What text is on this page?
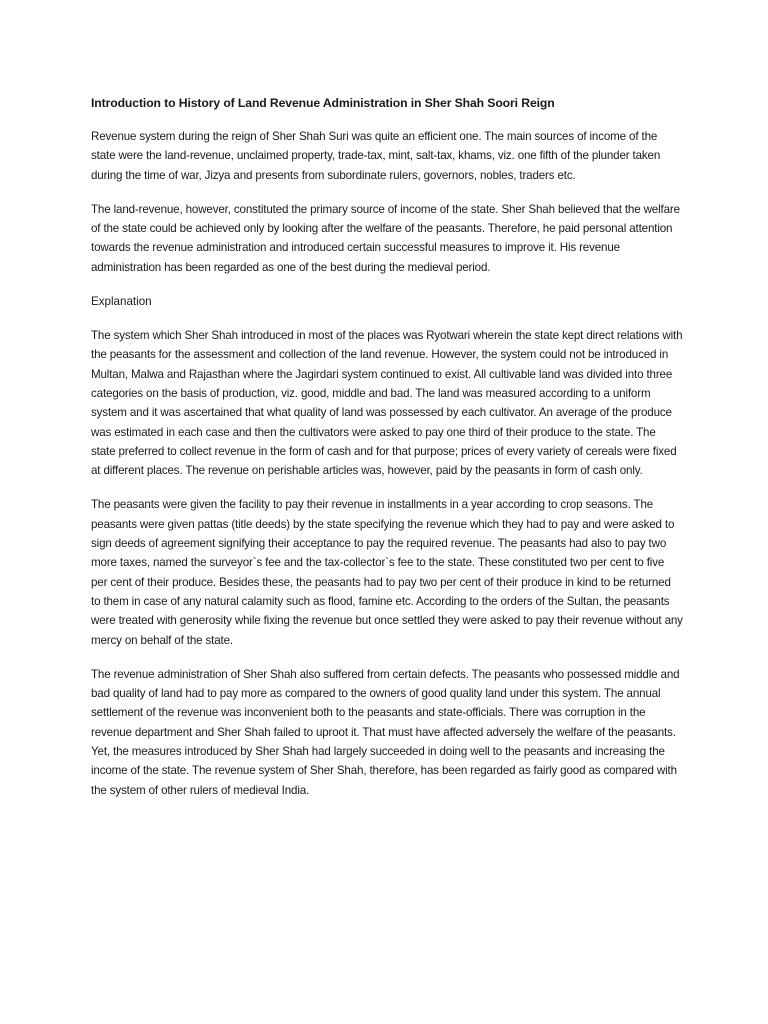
Introduction to History of Land Revenue Administration in Sher Shah Soori Reign

Revenue system during the reign of Sher Shah Suri was quite an efficient one. The main sources of income of the state were the land-revenue, unclaimed property, trade-tax, mint, salt-tax, khams, viz. one fifth of the plunder taken during the time of war, Jizya and presents from subordinate rulers, governors, nobles, traders etc.

The land-revenue, however, constituted the primary source of income of the state. Sher Shah believed that the welfare of the state could be achieved only by looking after the welfare of the peasants. Therefore, he paid personal attention towards the revenue administration and introduced certain successful measures to improve it. His revenue administration has been regarded as one of the best during the medieval period.

Explanation

The system which Sher Shah introduced in most of the places was Ryotwari wherein the state kept direct relations with the peasants for the assessment and collection of the land revenue. However, the system could not be introduced in Multan, Malwa and Rajasthan where the Jagirdari system continued to exist. All cultivable land was divided into three categories on the basis of production, viz. good, middle and bad. The land was measured according to a uniform system and it was ascertained that what quality of land was possessed by each cultivator. An average of the produce was estimated in each case and then the cultivators were asked to pay one third of their produce to the state. The state preferred to collect revenue in the form of cash and for that purpose; prices of every variety of cereals were fixed at different places. The revenue on perishable articles was, however, paid by the peasants in form of cash only.

The peasants were given the facility to pay their revenue in installments in a year according to crop seasons. The peasants were given pattas (title deeds) by the state specifying the revenue which they had to pay and were asked to sign deeds of agreement signifying their acceptance to pay the required revenue. The peasants had also to pay two more taxes, named the surveyor`s fee and the tax-collector`s fee to the state. These constituted two per cent to five per cent of their produce. Besides these, the peasants had to pay two per cent of their produce in kind to be returned to them in case of any natural calamity such as flood, famine etc. According to the orders of the Sultan, the peasants were treated with generosity while fixing the revenue but once settled they were asked to pay their revenue without any mercy on behalf of the state.

The revenue administration of Sher Shah also suffered from certain defects. The peasants who possessed middle and bad quality of land had to pay more as compared to the owners of good quality land under this system. The annual settlement of the revenue was inconvenient both to the peasants and state-officials. There was corruption in the revenue department and Sher Shah failed to uproot it. That must have affected adversely the welfare of the peasants. Yet, the measures introduced by Sher Shah had largely succeeded in doing well to the peasants and increasing the income of the state. The revenue system of Sher Shah, therefore, has been regarded as fairly good as compared with the system of other rulers of medieval India.
